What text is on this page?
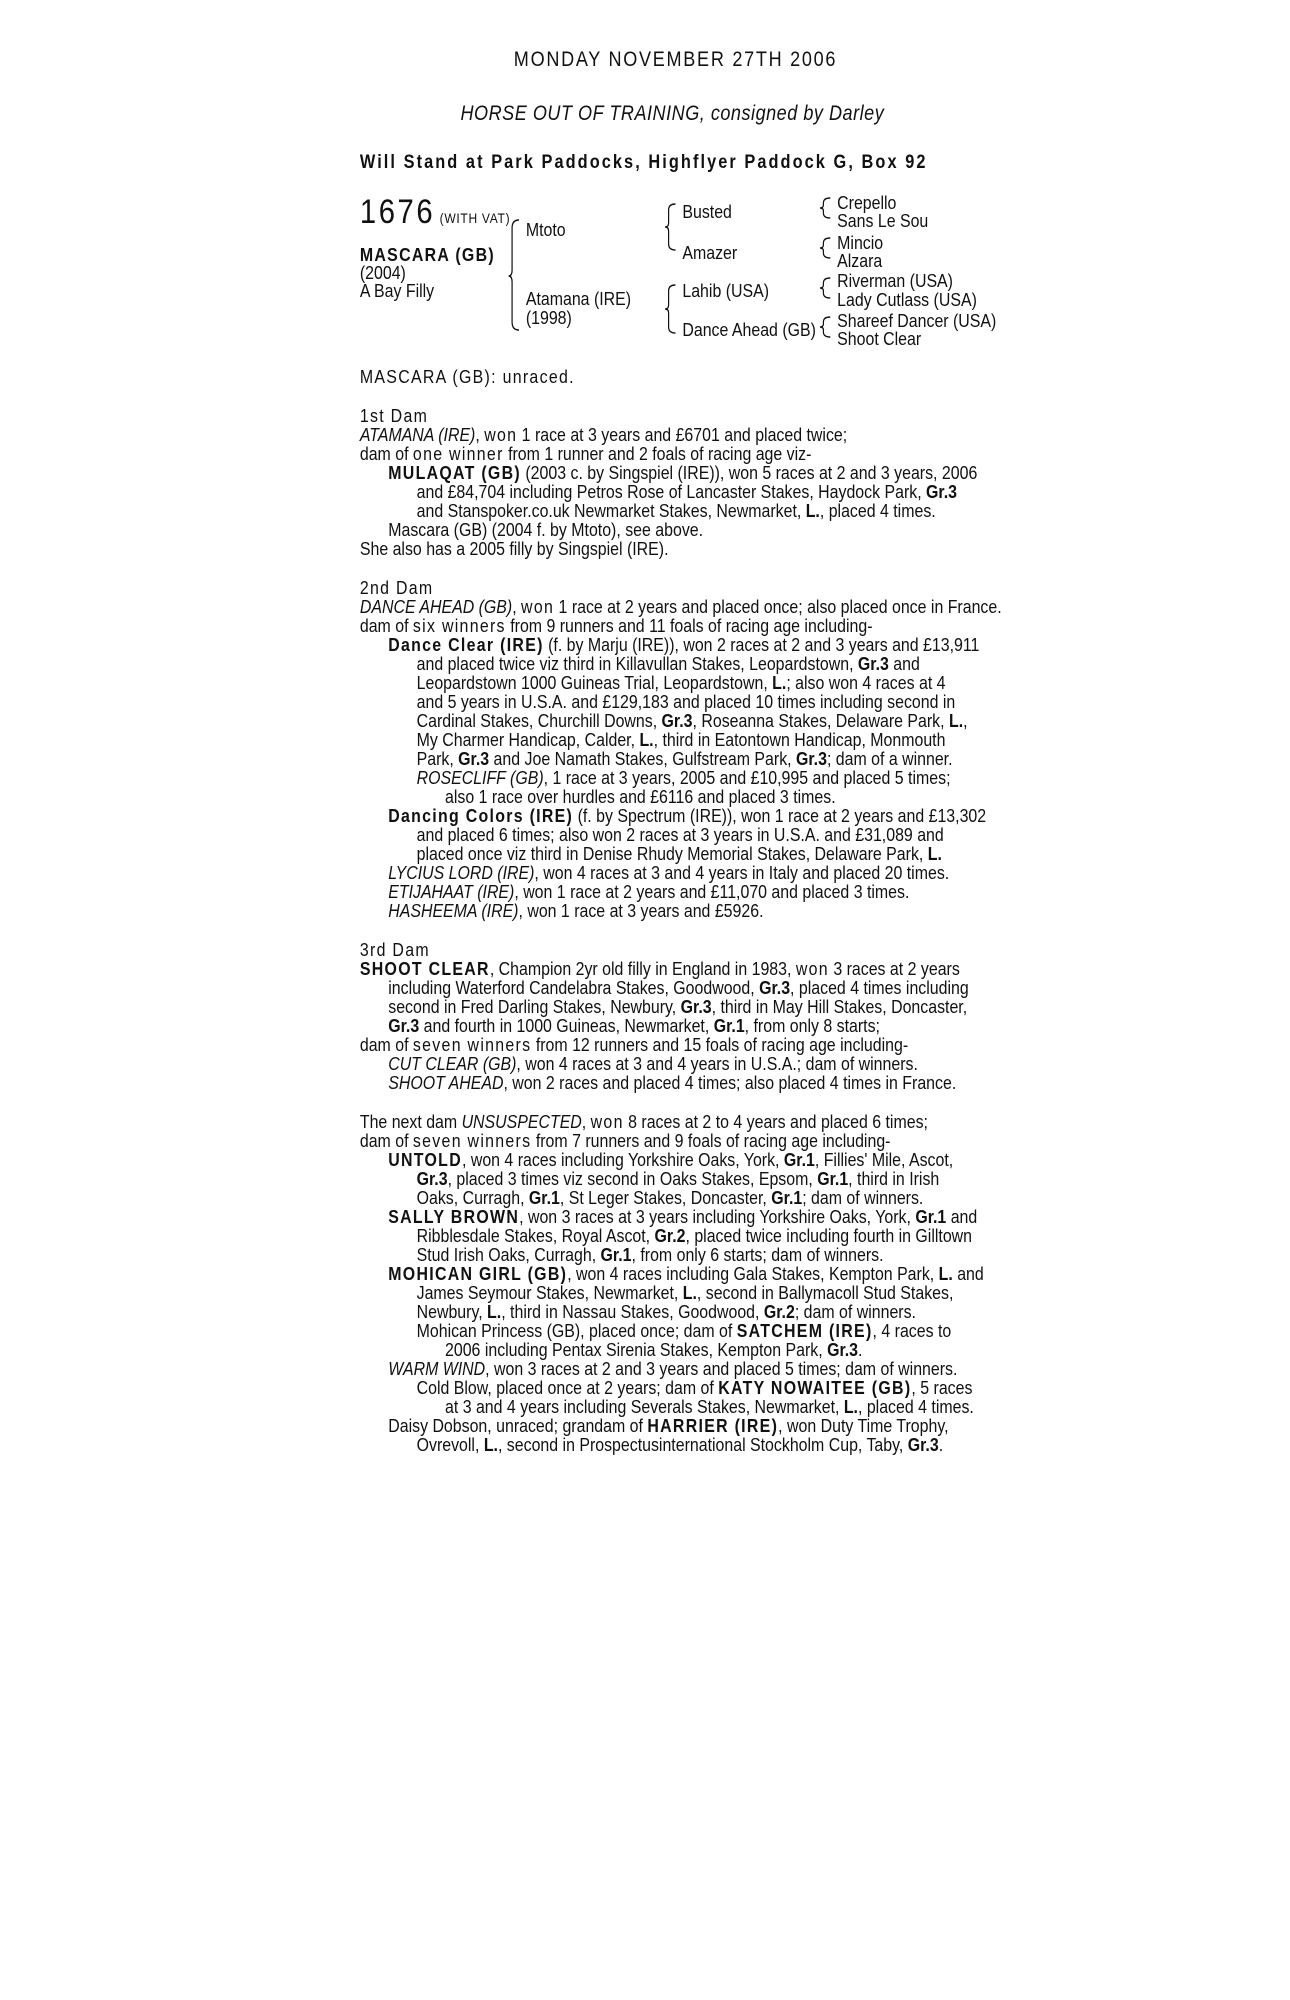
MONDAY NOVEMBER 27TH 2006
HORSE OUT OF TRAINING, consigned by Darley
Will Stand at Park Paddocks, Highflyer Paddock G, Box 92
1676 (WITH VAT)
MASCARA (GB)
(2004)
A Bay Filly
Mtoto
Atamana (IRE)
(1998)
Busted
Amazer
Lahib (USA)
Dance Ahead (GB)
Crepello
Sans Le Sou
Mincio
Alzara
Riverman (USA)
Lady Cutlass (USA)
Shareef Dancer (USA)
Shoot Clear
MASCARA (GB): unraced.
1st Dam
ATAMANA (IRE), won 1 race at 3 years and £6701 and placed twice;
dam of one winner from 1 runner and 2 foals of racing age viz-
MULAQAT (GB) (2003 c. by Singspiel (IRE)), won 5 races at 2 and 3 years, 2006
and £84,704 including Petros Rose of Lancaster Stakes, Haydock Park, Gr.3
and Stanspoker.co.uk Newmarket Stakes, Newmarket, L., placed 4 times.
Mascara (GB) (2004 f. by Mtoto), see above.
She also has a 2005 filly by Singspiel (IRE).
2nd Dam
DANCE AHEAD (GB), won 1 race at 2 years and placed once; also placed once in France.
dam of six winners from 9 runners and 11 foals of racing age including-
Dance Clear (IRE) (f. by Marju (IRE)), won 2 races at 2 and 3 years and £13,911
and placed twice viz third in Killavullan Stakes, Leopardstown, Gr.3 and
Leopardstown 1000 Guineas Trial, Leopardstown, L.; also won 4 races at 4
and 5 years in U.S.A. and £129,183 and placed 10 times including second in
Cardinal Stakes, Churchill Downs, Gr.3, Roseanna Stakes, Delaware Park, L.,
My Charmer Handicap, Calder, L., third in Eatontown Handicap, Monmouth
Park, Gr.3 and Joe Namath Stakes, Gulfstream Park, Gr.3; dam of a winner.
ROSECLIFF (GB), 1 race at 3 years, 2005 and £10,995 and placed 5 times;
also 1 race over hurdles and £6116 and placed 3 times.
Dancing Colors (IRE) (f. by Spectrum (IRE)), won 1 race at 2 years and £13,302
and placed 6 times; also won 2 races at 3 years in U.S.A. and £31,089 and
placed once viz third in Denise Rhudy Memorial Stakes, Delaware Park, L.
LYCIUS LORD (IRE), won 4 races at 3 and 4 years in Italy and placed 20 times.
ETIJAHAAT (IRE), won 1 race at 2 years and £11,070 and placed 3 times.
HASHEEMA (IRE), won 1 race at 3 years and £5926.
3rd Dam
SHOOT CLEAR, Champion 2yr old filly in England in 1983, won 3 races at 2 years
including Waterford Candelabra Stakes, Goodwood, Gr.3, placed 4 times including
second in Fred Darling Stakes, Newbury, Gr.3, third in May Hill Stakes, Doncaster,
Gr.3 and fourth in 1000 Guineas, Newmarket, Gr.1, from only 8 starts;
dam of seven winners from 12 runners and 15 foals of racing age including-
CUT CLEAR (GB), won 4 races at 3 and 4 years in U.S.A.; dam of winners.
SHOOT AHEAD, won 2 races and placed 4 times; also placed 4 times in France.
The next dam UNSUSPECTED, won 8 races at 2 to 4 years and placed 6 times;
dam of seven winners from 7 runners and 9 foals of racing age including-
UNTOLD, won 4 races including Yorkshire Oaks, York, Gr.1, Fillies' Mile, Ascot,
Gr.3, placed 3 times viz second in Oaks Stakes, Epsom, Gr.1, third in Irish
Oaks, Curragh, Gr.1, St Leger Stakes, Doncaster, Gr.1; dam of winners.
SALLY BROWN, won 3 races at 3 years including Yorkshire Oaks, York, Gr.1 and
Ribblesdale Stakes, Royal Ascot, Gr.2, placed twice including fourth in Gilltown
Stud Irish Oaks, Curragh, Gr.1, from only 6 starts; dam of winners.
MOHICAN GIRL (GB), won 4 races including Gala Stakes, Kempton Park, L. and
James Seymour Stakes, Newmarket, L., second in Ballymacoll Stud Stakes,
Newbury, L., third in Nassau Stakes, Goodwood, Gr.2; dam of winners.
Mohican Princess (GB), placed once; dam of SATCHEM (IRE), 4 races to
2006 including Pentax Sirenia Stakes, Kempton Park, Gr.3.
WARM WIND, won 3 races at 2 and 3 years and placed 5 times; dam of winners.
Cold Blow, placed once at 2 years; dam of KATY NOWAITEE (GB), 5 races
at 3 and 4 years including Severals Stakes, Newmarket, L., placed 4 times.
Daisy Dobson, unraced; grandam of HARRIER (IRE), won Duty Time Trophy,
Ovrevoll, L., second in Prospectusinternational Stockholm Cup, Taby, Gr.3.
